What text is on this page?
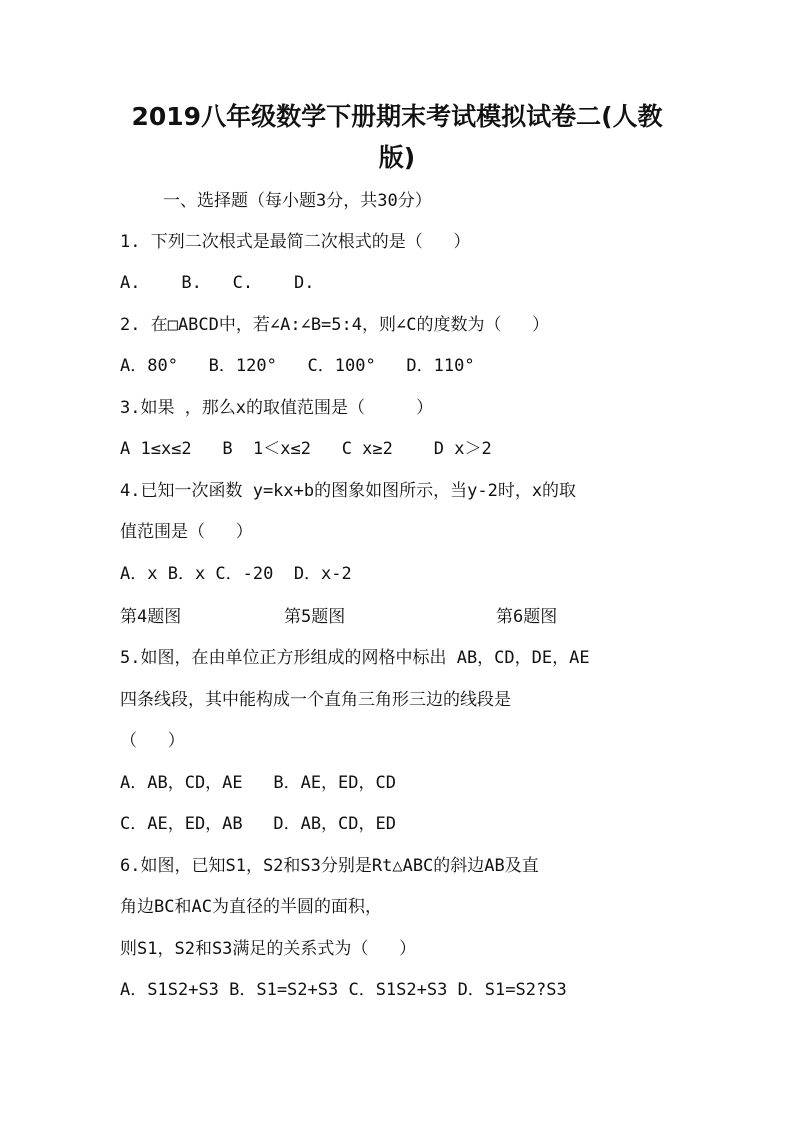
2019八年级数学下册期末考试模拟试卷二(人教
版)
一、选择题（每小题3分，共30分）
1. 下列二次根式是最简二次根式的是（   ）
A.    B.   C.    D.
2. 在□ABCD中，若∠A:∠B=5:4，则∠C的度数为（   ）
A．80°   B．120°   C．100°   D．110°
3.如果 ，那么x的取值范围是（     ）
A 1≤x≤2   B  1＜x≤2   C x≥2    D x＞2
4.已知一次函数 y=kx+b的图象如图所示，当y-2时，x的取
值范围是（   ）
A．x B．x C．-20  D．x-2
第4题图	第5题图	第6题图
5.如图，在由单位正方形组成的网格中标出 AB，CD，DE，AE
四条线段，其中能构成一个直角三角形三边的线段是
（   ）
A．AB，CD，AE   B．AE，ED，CD
C．AE，ED，AB   D．AB，CD，ED
6.如图，已知S1，S2和S3分别是Rt△ABC的斜边AB及直
角边BC和AC为直径的半圆的面积，
则S1，S2和S3满足的关系式为（   ）
A．S1S2+S3 B．S1=S2+S3 C．S1S2+S3 D．S1=S2?S3
